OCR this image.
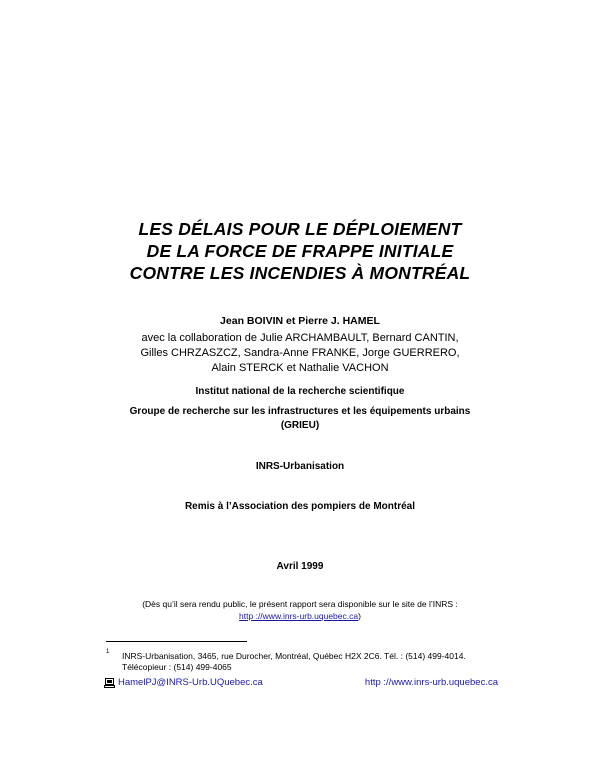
LES DÉLAIS POUR LE DÉPLOIEMENT
DE LA FORCE DE FRAPPE INITIALE
CONTRE LES INCENDIES À MONTRÉAL
Jean BOIVIN et Pierre J. HAMEL
avec la collaboration de Julie ARCHAMBAULT, Bernard CANTIN,
Gilles CHRZASZCZ, Sandra-Anne FRANKE, Jorge GUERRERO,
Alain STERCK et Nathalie VACHON
Institut national de la recherche scientifique
Groupe de recherche sur les infrastructures et les équipements urbains
(GRIEU)
INRS-Urbanisation
Remis à l’Association des pompiers de Montréal
Avril 1999
(Dès qu’il sera rendu public, le présent rapport sera disponible sur le site de l’INRS :
http ://www.inrs-urb.uquebec.ca)
1 INRS-Urbanisation, 3465, rue Durocher, Montréal, Québec H2X 2C6. Tél. : (514) 499-4014.
Télécopieur : (514) 499-4065
HamelPJ@INRS-Urb.UQuebec.ca	http ://www.inrs-urb.uquebec.ca
